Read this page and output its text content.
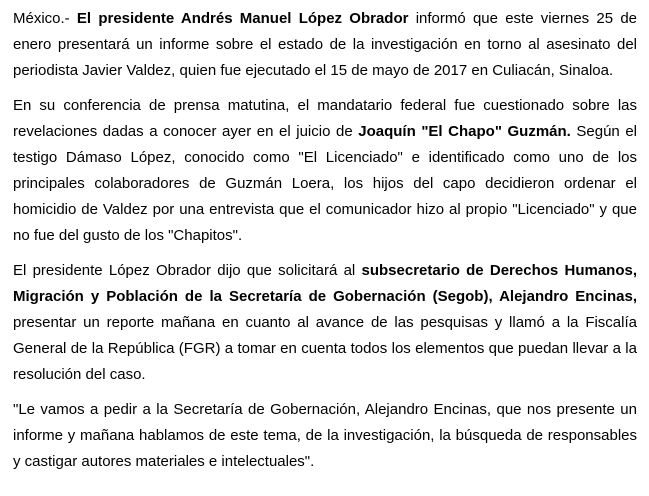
México.- El presidente Andrés Manuel López Obrador informó que este viernes 25 de enero presentará un informe sobre el estado de la investigación en torno al asesinato del periodista Javier Valdez, quien fue ejecutado el 15 de mayo de 2017 en Culiacán, Sinaloa.

En su conferencia de prensa matutina, el mandatario federal fue cuestionado sobre las revelaciones dadas a conocer ayer en el juicio de Joaquín "El Chapo" Guzmán. Según el testigo Dámaso López, conocido como "El Licenciado" e identificado como uno de los principales colaboradores de Guzmán Loera, los hijos del capo decidieron ordenar el homicidio de Valdez por una entrevista que el comunicador hizo al propio "Licenciado" y que no fue del gusto de los "Chapitos".

El presidente López Obrador dijo que solicitará al subsecretario de Derechos Humanos, Migración y Población de la Secretaría de Gobernación (Segob), Alejandro Encinas, presentar un reporte mañana en cuanto al avance de las pesquisas y llamó a la Fiscalía General de la República (FGR) a tomar en cuenta todos los elementos que puedan llevar a la resolución del caso.

"Le vamos a pedir a la Secretaría de Gobernación, Alejandro Encinas, que nos presente un informe y mañana hablamos de este tema, de la investigación, la búsqueda de responsables y castigar autores materiales e intelectuales".
